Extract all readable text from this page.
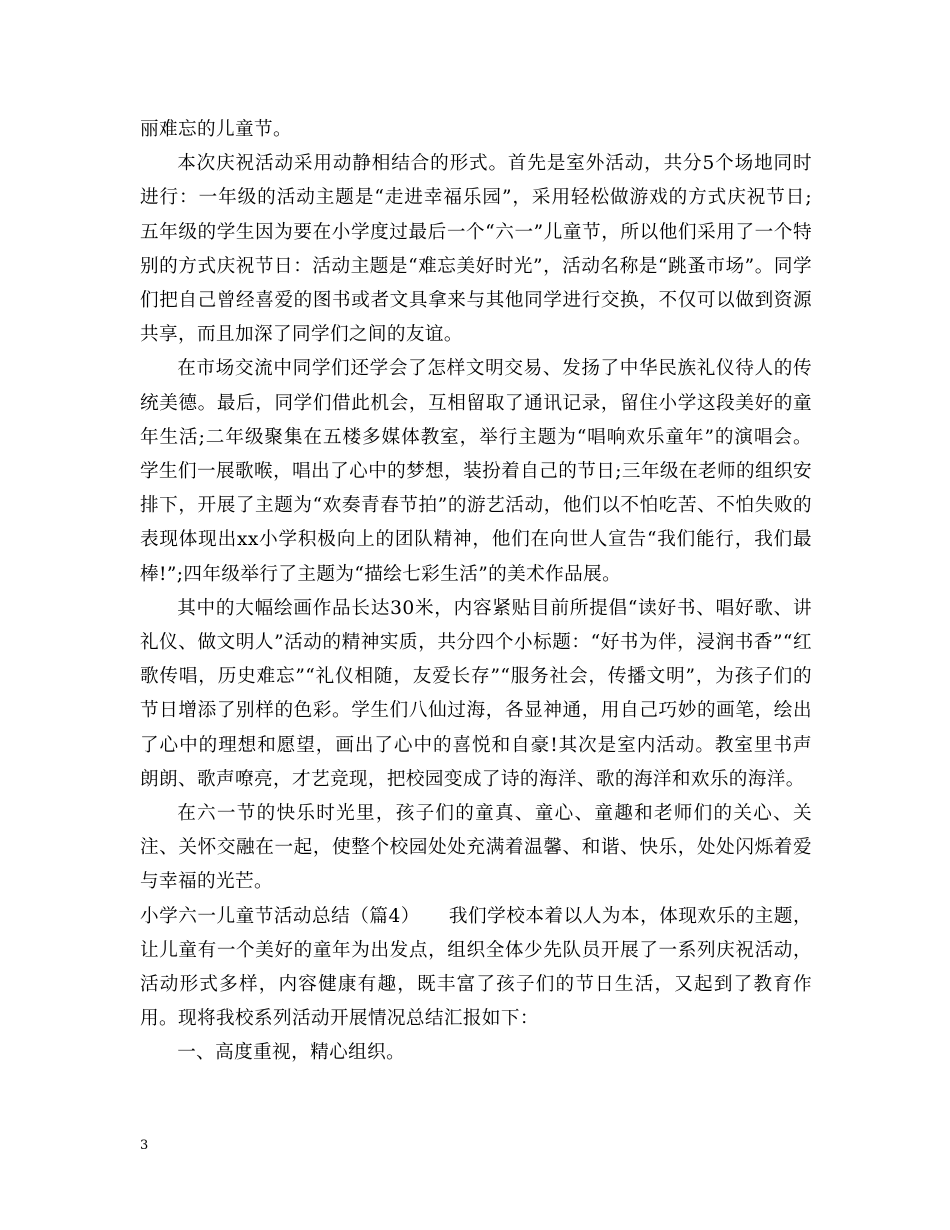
丽难忘的儿童节。

本次庆祝活动采用动静相结合的形式。首先是室外活动，共分5个场地同时进行：一年级的活动主题是“走进幸福乐园”，采用轻松做游戏的方式庆祝节日;五年级的学生因为要在小学度过最后一个“六一”儿童节，所以他们采用了一个特别的方式庆祝节日：活动主题是“难忘美好时光”，活动名称是“跳蚤市场”。同学们把自己曾经喜爱的图书或者文具拿来与其他同学进行交换，不仅可以做到资源共享，而且加深了同学们之间的友谊。

在市场交流中同学们还学会了怎样文明交易、发扬了中华民族礼仪待人的传统美德。最后，同学们借此机会，互相留取了通讯记录，留住小学这段美好的童年生活;二年级聚集在五楼多媒体教室，举行主题为“唱响欢乐童年”的演唱会。学生们一展歌喉，唱出了心中的梦想，装扮着自己的节日;三年级在老师的组织安排下，开展了主题为“欢奏青春节拍”的游艺活动，他们以不怕吃苦、不怕失败的表现体现出xx小学积极向上的团队精神，他们在向世人宣告“我们能行，我们最棒!”;四年级举行了主题为“描绘七彩生活”的美术作品展。

其中的大幅绘画作品长达30米，内容紧贴目前所提倡“读好书、唱好歌、讲礼仪、做文明人”活动的精神实质，共分四个小标题：“好书为伴，浸润书香”“红歌传唱，历史难忘”“礼仪相随，友爱长存”“服务社会，传播文明”，为孩子们的节日增添了别样的色彩。学生们八仙过海，各显神通，用自己巧妙的画笔，绘出了心中的理想和愿望，画出了心中的喜悦和自豪!其次是室内活动。教室里书声朗朗、歌声嘹亮，才艺竞现，把校园变成了诗的海洋、歌的海洋和欢乐的海洋。

在六一节的快乐时光里，孩子们的童真、童心、童趣和老师们的关心、关注、关怀交融在一起，使整个校园处处充满着温馨、和谐、快乐，处处闪烁着爱与幸福的光芒。

小学六一儿童节活动总结（篇4）　　我们学校本着以人为本，体现欢乐的主题，让儿童有一个美好的童年为出发点，组织全体少先队员开展了一系列庆祝活动，活动形式多样，内容健康有趣，既丰富了孩子们的节日生活，又起到了教育作用。现将我校系列活动开展情况总结汇报如下：

一、高度重视，精心组织。

3
